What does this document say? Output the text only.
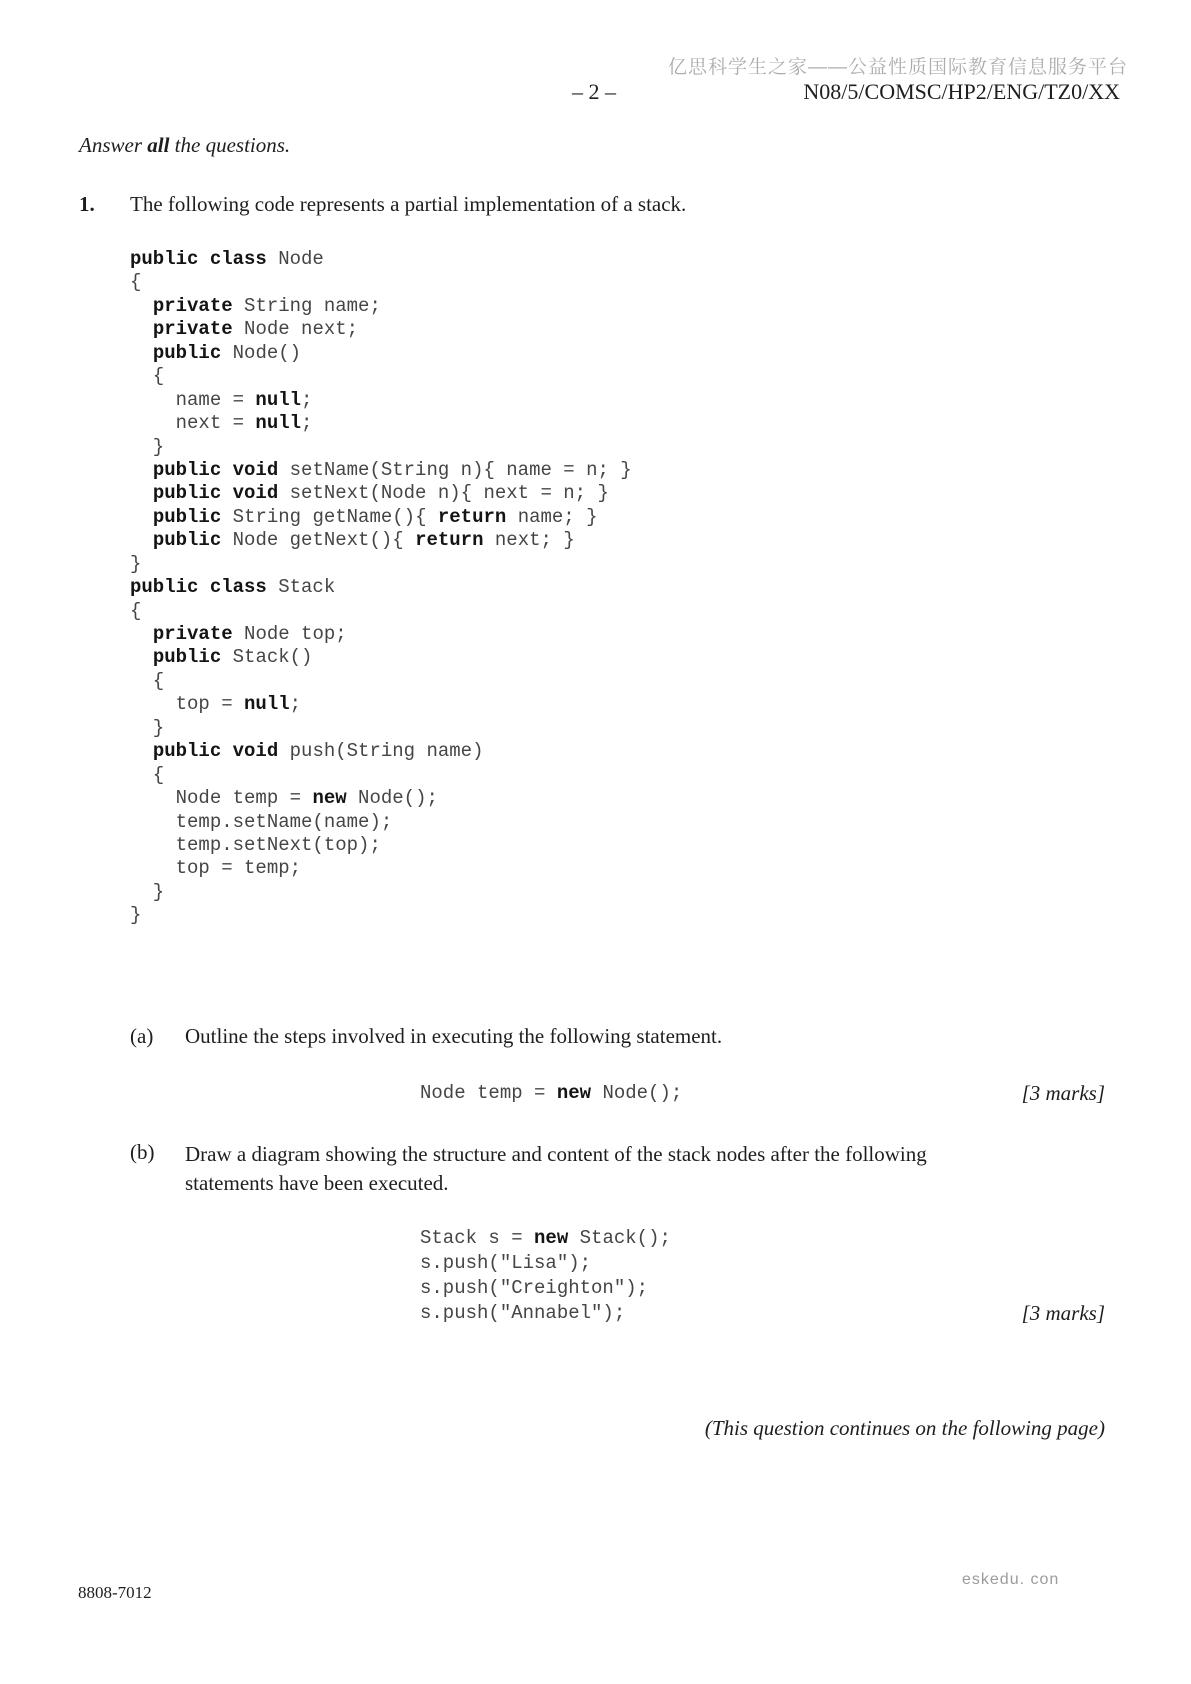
亿思科学生之家——公益性质国际教育信息服务平台
– 2 –	N08/5/COMSC/HP2/ENG/TZ0/XX
Answer all the questions.
1.	The following code represents a partial implementation of a stack.
public class Node
{
private String name;
private Node next;
public Node()
{
name = null;
next = null;
}
public void setName(String n){ name = n; }
public void setNext(Node n){ next = n; }
public String getName(){ return name; }
public Node getNext(){ return next; }
}
public class Stack
{
private Node top;
public Stack()
{
top = null;
}
public void push(String name)
{
Node temp = new Node();
temp.setName(name);
temp.setNext(top);
top = temp;
}
}
(a)	Outline the steps involved in executing the following statement.
Node temp = new Node();	[3 marks]
(b)	Draw a diagram showing the structure and content of the stack nodes after the following statements have been executed.
Stack s = new Stack();
s.push("Lisa");
s.push("Creighton");
s.push("Annabel");	[3 marks]
(This question continues on the following page)
8808-7012
eskedu. con
